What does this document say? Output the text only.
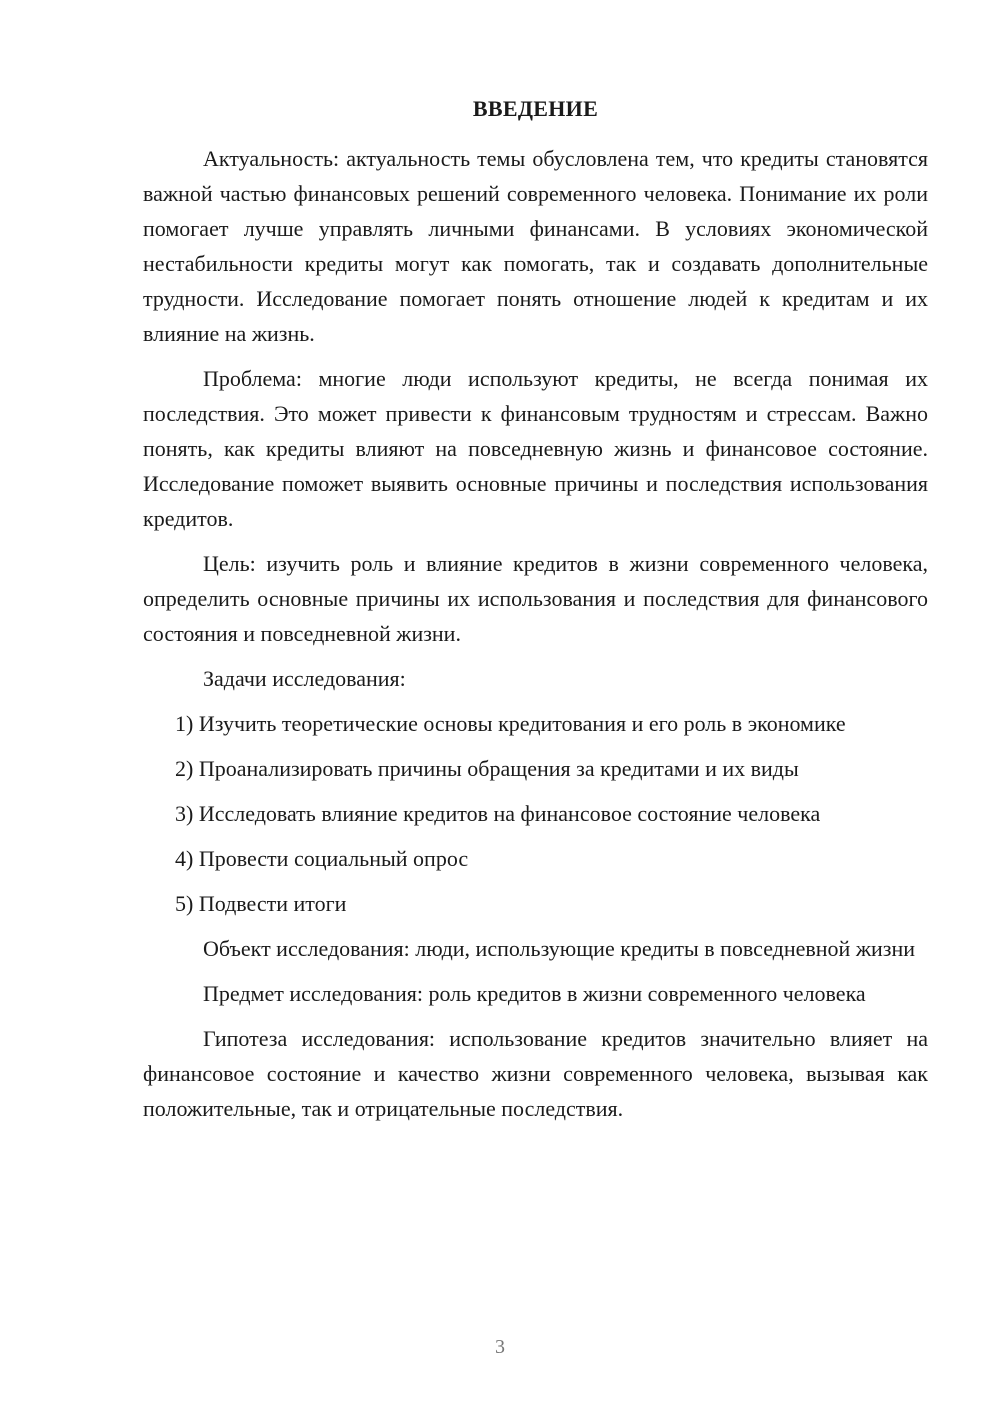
ВВЕДЕНИЕ

Актуальность: актуальность темы обусловлена тем, что кредиты становятся важной частью финансовых решений современного человека. Понимание их роли помогает лучше управлять личными финансами. В условиях экономической нестабильности кредиты могут как помогать, так и создавать дополнительные трудности. Исследование помогает понять отношение людей к кредитам и их влияние на жизнь.

Проблема: многие люди используют кредиты, не всегда понимая их последствия. Это может привести к финансовым трудностям и стрессам. Важно понять, как кредиты влияют на повседневную жизнь и финансовое состояние. Исследование поможет выявить основные причины и последствия использования кредитов.

Цель: изучить роль и влияние кредитов в жизни современного человека, определить основные причины их использования и последствия для финансового состояния и повседневной жизни.

Задачи исследования:

1) Изучить теоретические основы кредитования и его роль в экономике

2) Проанализировать причины обращения за кредитами и их виды

3) Исследовать влияние кредитов на финансовое состояние человека

4) Провести социальный опрос

5) Подвести итоги

Объект исследования: люди, использующие кредиты в повседневной жизни

Предмет исследования: роль кредитов в жизни современного человека

Гипотеза исследования: использование кредитов значительно влияет на финансовое состояние и качество жизни современного человека, вызывая как положительные, так и отрицательные последствия.

3
